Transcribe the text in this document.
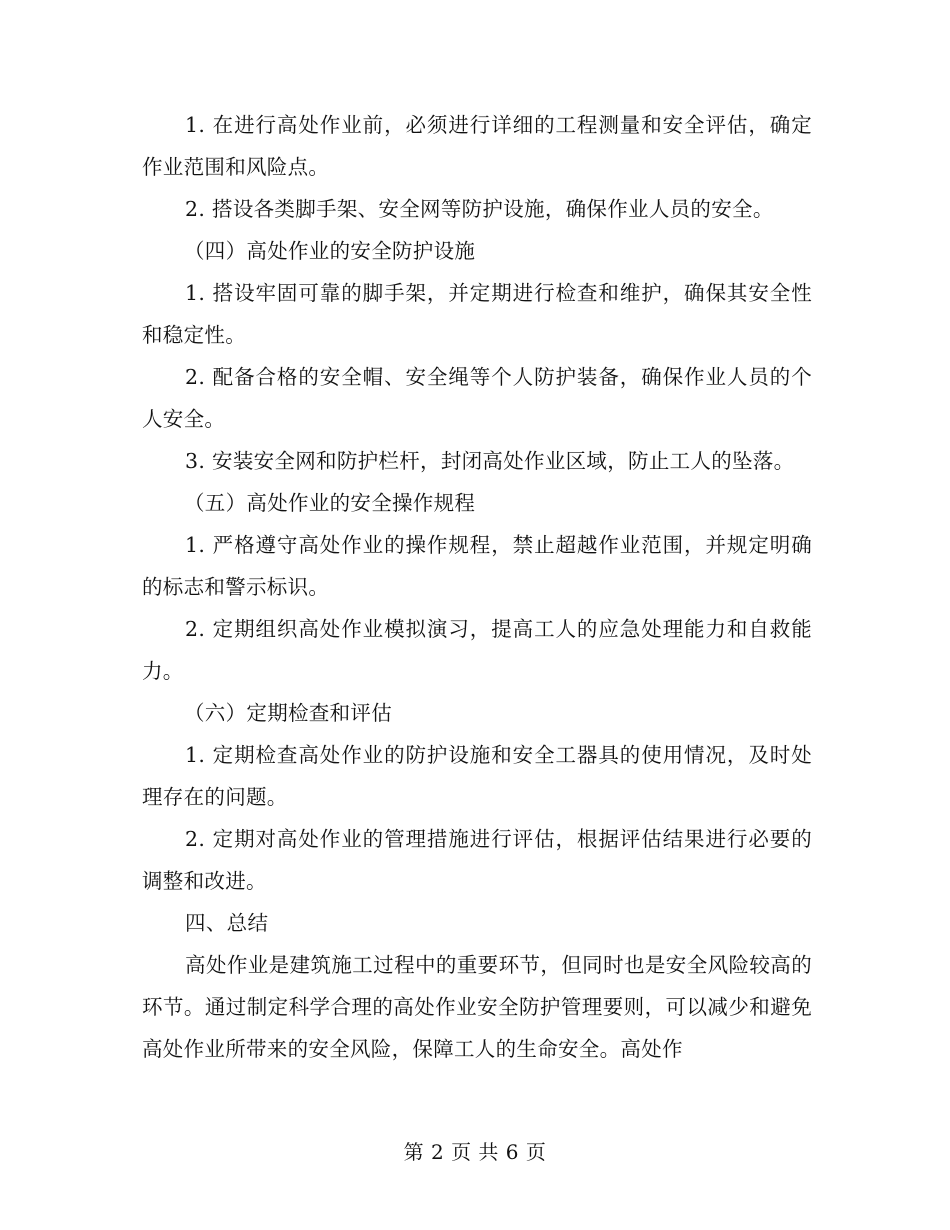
1. 在进行高处作业前，必须进行详细的工程测量和安全评估，确定作业范围和风险点。

2. 搭设各类脚手架、安全网等防护设施，确保作业人员的安全。

（四）高处作业的安全防护设施

1. 搭设牢固可靠的脚手架，并定期进行检查和维护，确保其安全性和稳定性。

2. 配备合格的安全帽、安全绳等个人防护装备，确保作业人员的个人安全。

3. 安装安全网和防护栏杆，封闭高处作业区域，防止工人的坠落。

（五）高处作业的安全操作规程

1. 严格遵守高处作业的操作规程，禁止超越作业范围，并规定明确的标志和警示标识。

2. 定期组织高处作业模拟演习，提高工人的应急处理能力和自救能力。

（六）定期检查和评估

1. 定期检查高处作业的防护设施和安全工器具的使用情况，及时处理存在的问题。

2. 定期对高处作业的管理措施进行评估，根据评估结果进行必要的调整和改进。

四、总结

高处作业是建筑施工过程中的重要环节，但同时也是安全风险较高的环节。通过制定科学合理的高处作业安全防护管理要则，可以减少和避免高处作业所带来的安全风险，保障工人的生命安全。高处作

第 2 页 共 6 页
